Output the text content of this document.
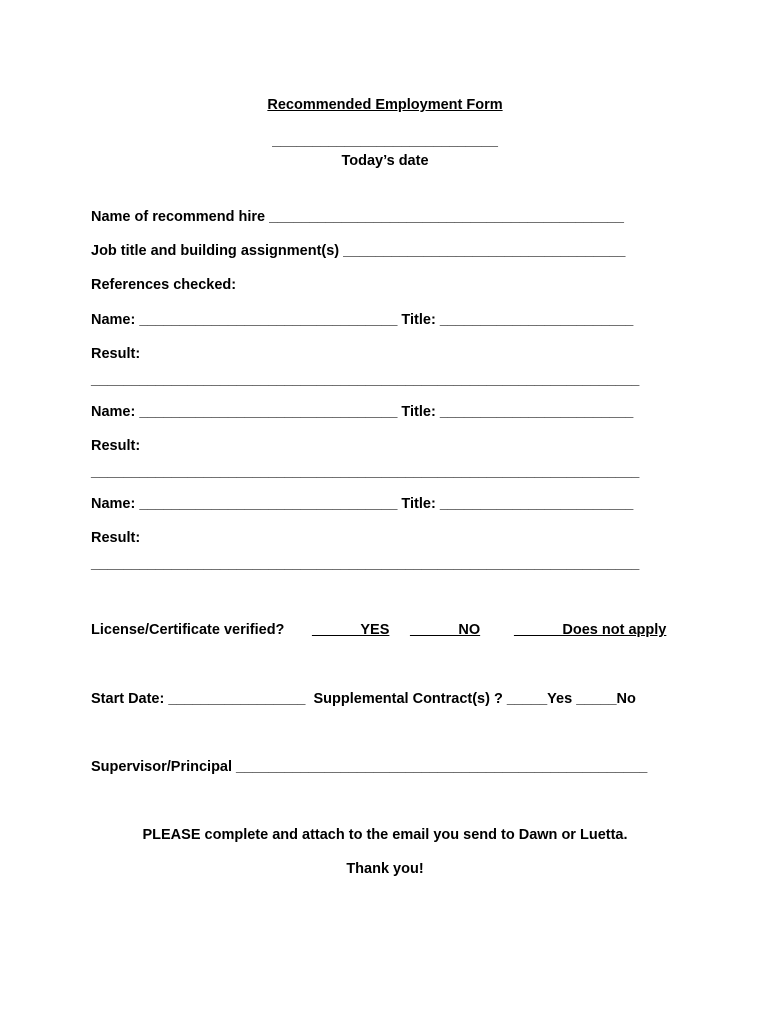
Recommended Employment Form
____________________________
Today’s date
Name of recommend hire ____________________________________________
Job title and building assignment(s) ___________________________________
References checked:
Name: ________________________________ Title: ________________________
Result:
____________________________________________________________________
Name: ________________________________ Title: ________________________
Result:
____________________________________________________________________
Name: ________________________________ Title: ________________________
Result:
____________________________________________________________________
License/Certificate verified? ______YES ______NO ______Does not apply
Start Date: _________________  Supplemental Contract(s) ? _____Yes _____No
Supervisor/Principal ___________________________________________________
PLEASE complete and attach to the email you send to Dawn or Luetta.
Thank you!
